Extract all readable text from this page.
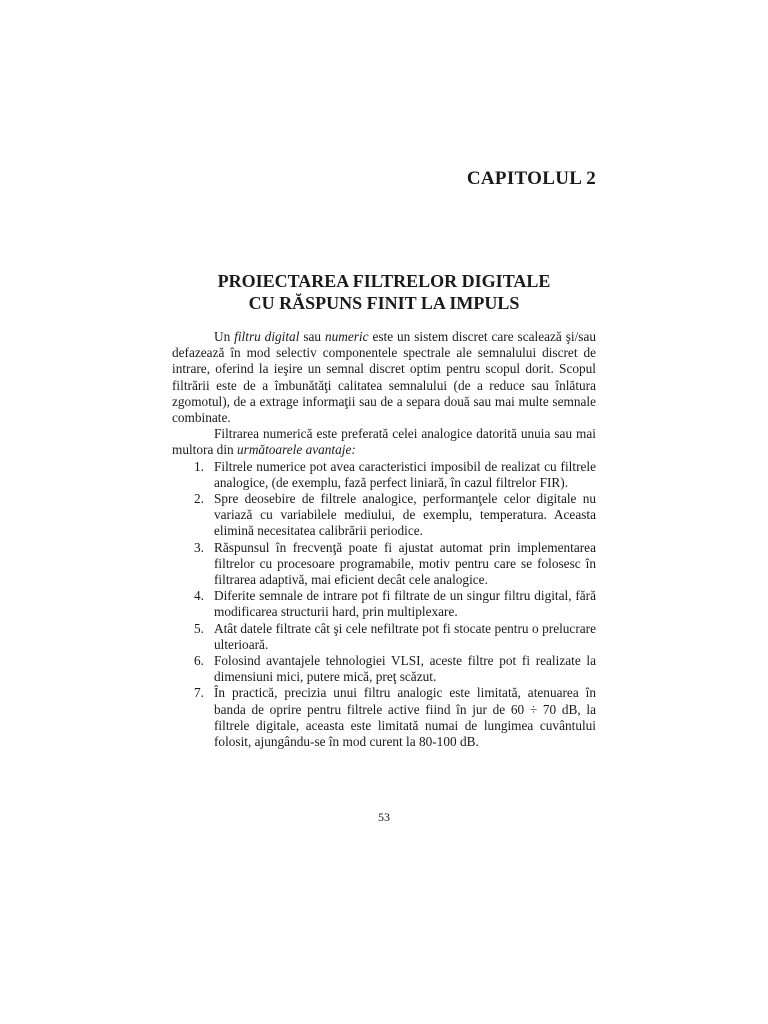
CAPITOLUL 2
PROIECTAREA FILTRELOR DIGITALE
CU RĂSPUNS FINIT LA IMPULS

Un filtru digital sau numeric este un sistem discret care scalează şi/sau defazează în mod selectiv componentele spectrale ale semnalului discret de intrare, oferind la ieşire un semnal discret optim pentru scopul dorit. Scopul filtrării este de a îmbunătăţi calitatea semnalului (de a reduce sau înlătura zgomotul), de a extrage informaţii sau de a separa două sau mai multe semnale combinate.

Filtrarea numerică este preferată celei analogice datorită unuia sau mai multora din următoarele avantaje:

1. Filtrele numerice pot avea caracteristici imposibil de realizat cu filtrele analogice, (de exemplu, fază perfect liniară, în cazul filtrelor FIR).
2. Spre deosebire de filtrele analogice, performanţele celor digitale nu variază cu variabilele mediului, de exemplu, temperatura. Aceasta elimină necesitatea calibrării periodice.
3. Răspunsul în frecvenţă poate fi ajustat automat prin implementarea filtrelor cu procesoare programabile, motiv pentru care se folosesc în filtrarea adaptivă, mai eficient decât cele analogice.
4. Diferite semnale de intrare pot fi filtrate de un singur filtru digital, fără modificarea structurii hard, prin multiplexare.
5. Atât datele filtrate cât şi cele nefiltrate pot fi stocate pentru o prelucrare ulterioară.
6. Folosind avantajele tehnologiei VLSI, aceste filtre pot fi realizate la dimensiuni mici, putere mică, preţ scăzut.
7. În practică, precizia unui filtru analogic este limitată, atenuarea în banda de oprire pentru filtrele active fiind în jur de 60 ÷ 70 dB, la filtrele digitale, aceasta este limitată numai de lungimea cuvântului folosit, ajungându-se în mod curent la 80-100 dB.
53
